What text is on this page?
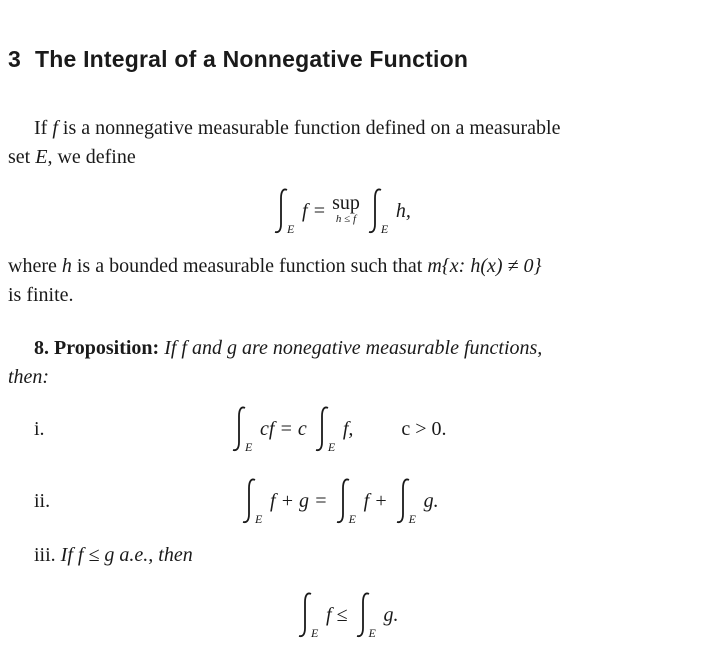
3 The Integral of a Nonnegative Function
If f is a nonnegative measurable function defined on a measurable
set E, we define
E
f = sup
h ≤ f
E
h,
where h is a bounded measurable function such that m{x: h(x) ≠ 0}
is finite.
8. Proposition: If f and g are nonegative measurable functions,
then:
i.
E
cf = c
E
f, c > 0.
ii.
E
f + g =
E
f +
E
g.
iii. If f ≤ g a.e., then
E
f ≤
E
g.
